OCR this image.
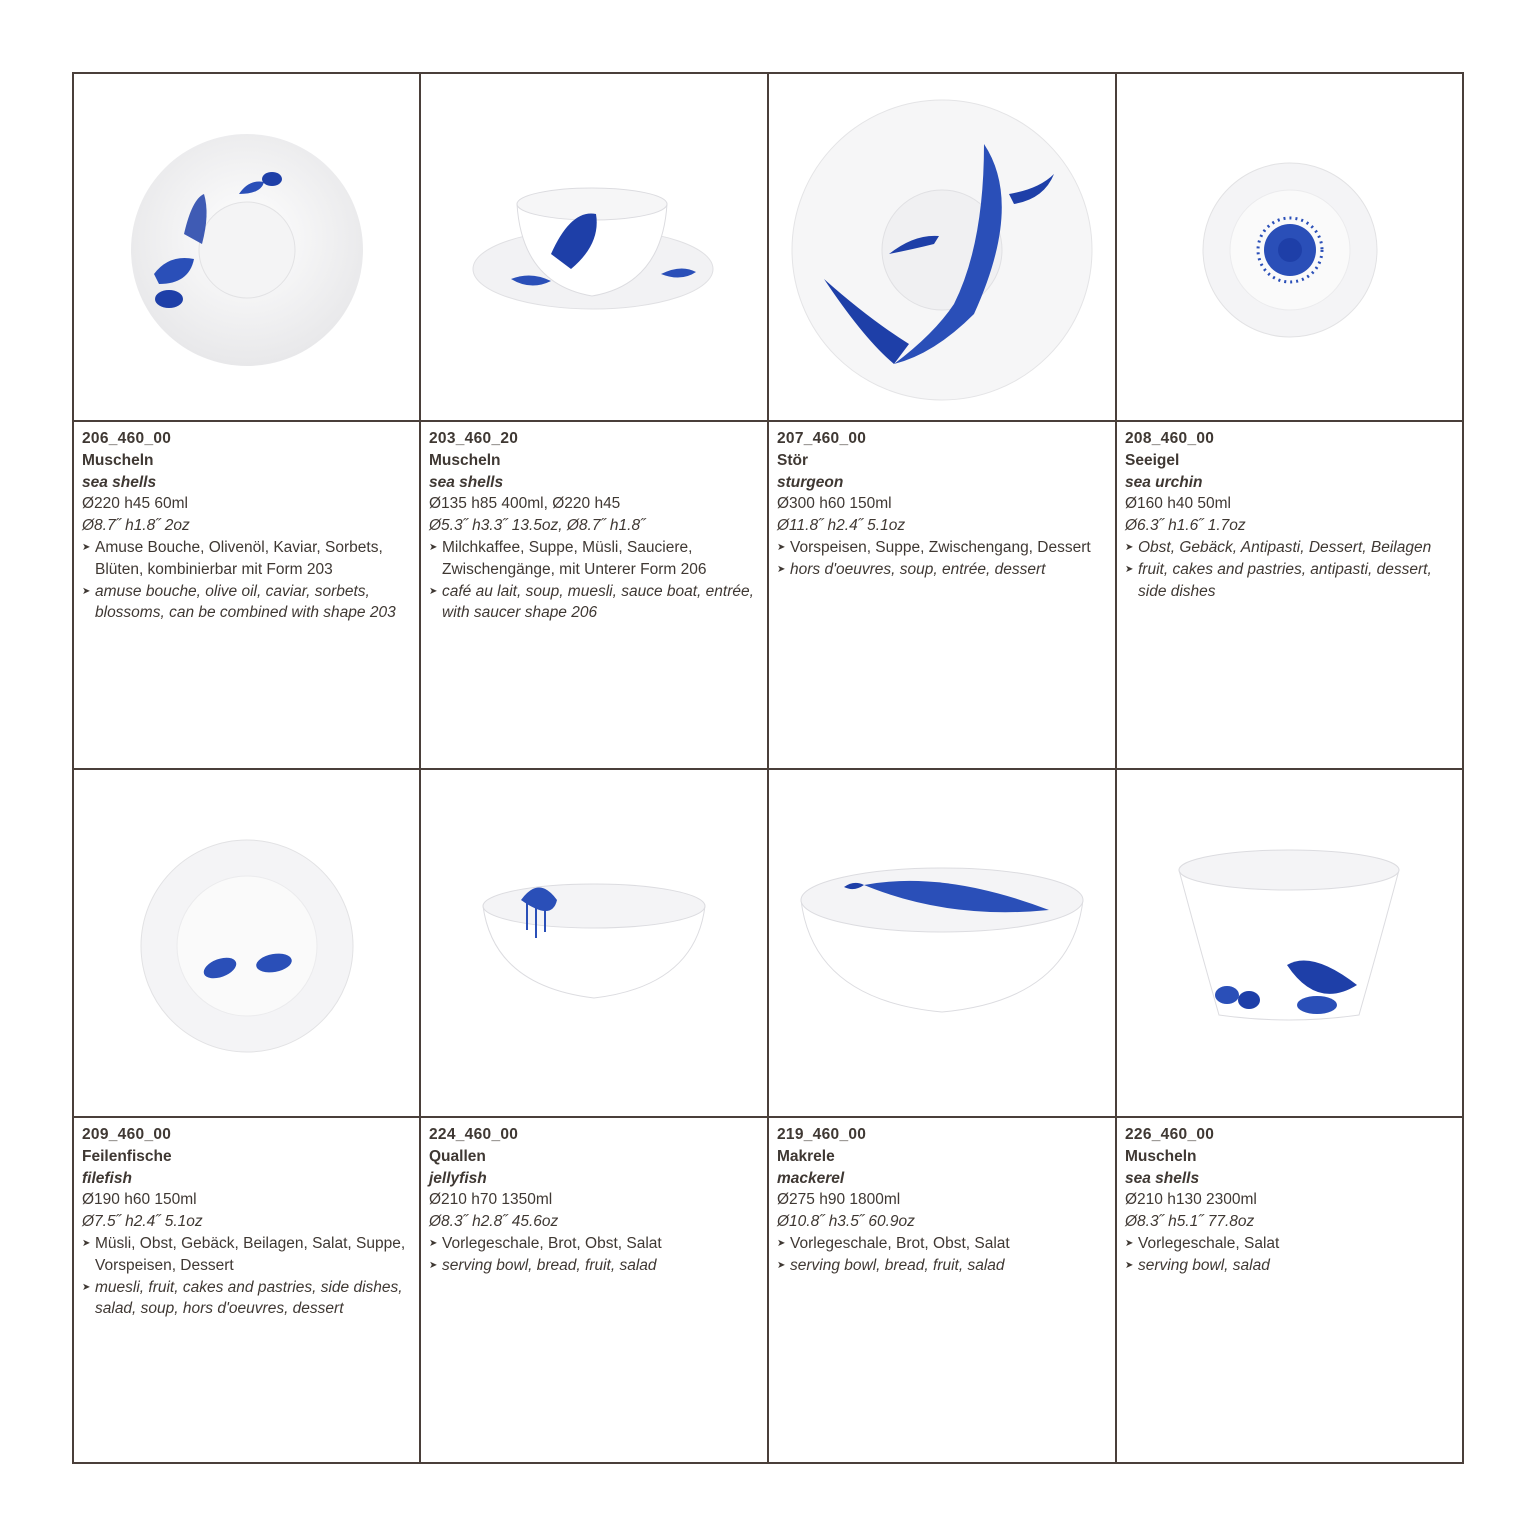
206_460_00
Muscheln
sea shells
Ø220 h45 60ml
Ø8.7˝ h1.8˝ 2oz
➤ Amuse Bouche, Olivenöl, Kaviar, Sorbets, Blüten, kombinierbar mit Form 203
➤ amuse bouche, olive oil, caviar, sorbets, blossoms, can be combined with shape 203
203_460_20
Muscheln
sea shells
Ø135 h85 400ml, Ø220 h45
Ø5.3˝ h3.3˝ 13.5oz, Ø8.7˝ h1.8˝
➤ Milchkaffee, Suppe, Müsli, Sauciere, Zwischengänge, mit Unterer Form 206
➤ café au lait, soup, muesli, sauce boat, entrée, with saucer shape 206
207_460_00
Stör
sturgeon
Ø300 h60 150ml
Ø11.8˝ h2.4˝ 5.1oz
➤ Vorspeisen, Suppe, Zwischengang, Dessert
➤ hors d'oeuvres, soup, entrée, dessert
208_460_00
Seeigel
sea urchin
Ø160 h40 50ml
Ø6.3˝ h1.6˝ 1.7oz
➤ Obst, Gebäck, Antipasti, Dessert, Beilagen
➤ fruit, cakes and pastries, antipasti, dessert, side dishes
209_460_00
Feilenfische
filefish
Ø190 h60 150ml
Ø7.5˝ h2.4˝ 5.1oz
➤ Müsli, Obst, Gebäck, Beilagen, Salat, Suppe, Vorspeisen, Dessert
➤ muesli, fruit, cakes and pastries, side dishes, salad, soup, hors d'oeuvres, dessert
224_460_00
Quallen
jellyfish
Ø210 h70 1350ml
Ø8.3˝ h2.8˝ 45.6oz
➤ Vorlegeschale, Brot, Obst, Salat
➤ serving bowl, bread, fruit, salad
219_460_00
Makrele
mackerel
Ø275 h90 1800ml
Ø10.8˝ h3.5˝ 60.9oz
➤ Vorlegeschale, Brot, Obst, Salat
➤ serving bowl, bread, fruit, salad
226_460_00
Muscheln
sea shells
Ø210 h130 2300ml
Ø8.3˝ h5.1˝ 77.8oz
➤ Vorlegeschale, Salat
➤ serving bowl, salad
